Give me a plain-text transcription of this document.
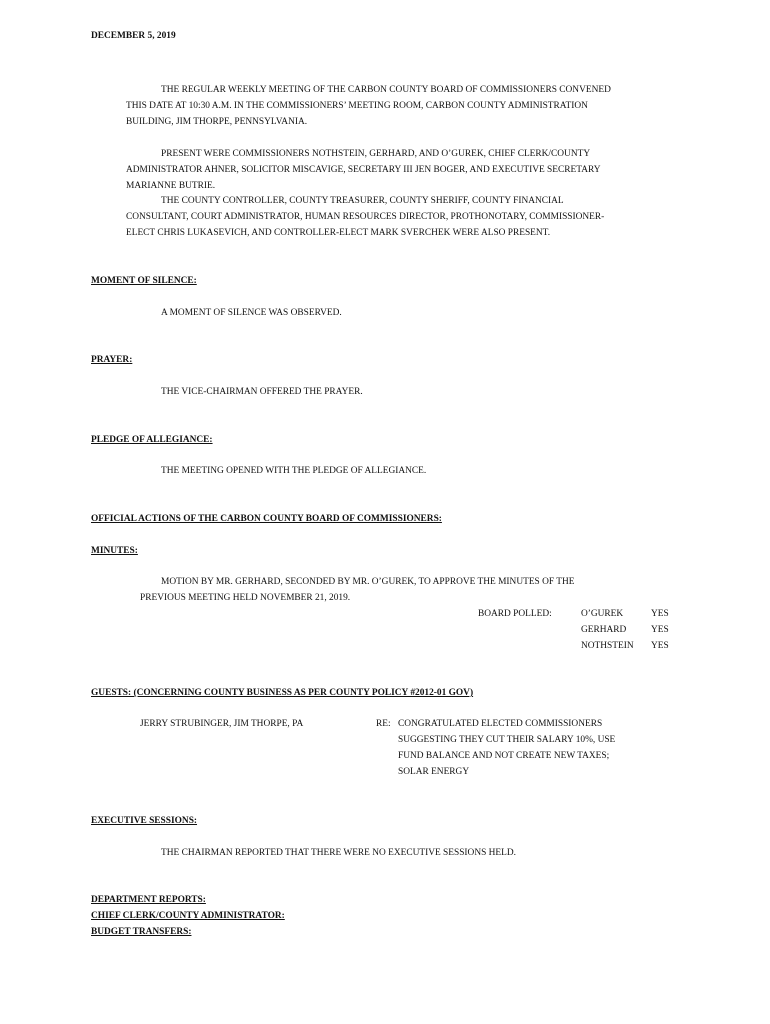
DECEMBER 5, 2019
THE REGULAR WEEKLY MEETING OF THE CARBON COUNTY BOARD OF COMMISSIONERS CONVENED
THIS DATE AT 10:30 A.M. IN THE COMMISSIONERS’ MEETING ROOM, CARBON COUNTY ADMINISTRATION
BUILDING, JIM THORPE, PENNSYLVANIA.
PRESENT WERE COMMISSIONERS NOTHSTEIN, GERHARD, AND O’GUREK, CHIEF CLERK/COUNTY
ADMINISTRATOR AHNER, SOLICITOR MISCAVIGE, SECRETARY III JEN BOGER, AND EXECUTIVE SECRETARY
MARIANNE BUTRIE.
THE COUNTY CONTROLLER, COUNTY TREASURER, COUNTY SHERIFF, COUNTY FINANCIAL
CONSULTANT, COURT ADMINISTRATOR, HUMAN RESOURCES DIRECTOR, PROTHONOTARY, COMMISSIONER-
ELECT CHRIS LUKASEVICH, AND CONTROLLER-ELECT MARK SVERCHEK WERE ALSO PRESENT.
MOMENT OF SILENCE:
A MOMENT OF SILENCE WAS OBSERVED.
PRAYER:
THE VICE-CHAIRMAN OFFERED THE PRAYER.
PLEDGE OF ALLEGIANCE:
THE MEETING OPENED WITH THE PLEDGE OF ALLEGIANCE.
OFFICIAL ACTIONS OF THE CARBON COUNTY BOARD OF COMMISSIONERS:
MINUTES:
MOTION BY MR. GERHARD, SECONDED BY MR. O’GUREK, TO APPROVE THE MINUTES OF THE
PREVIOUS MEETING HELD NOVEMBER 21, 2019.
BOARD POLLED:	O’GUREK	YES
GERHARD	YES
NOTHSTEIN YES
GUESTS: (CONCERNING COUNTY BUSINESS AS PER COUNTY POLICY #2012-01 GOV)
JERRY STRUBINGER, JIM THORPE, PA	RE: CONGRATULATED ELECTED COMMISSIONERS
SUGGESTING THEY CUT THEIR SALARY 10%, USE
FUND BALANCE AND NOT CREATE NEW TAXES;
SOLAR ENERGY
EXECUTIVE SESSIONS:
THE CHAIRMAN REPORTED THAT THERE WERE NO EXECUTIVE SESSIONS HELD.
DEPARTMENT REPORTS:
CHIEF CLERK/COUNTY ADMINISTRATOR:
BUDGET TRANSFERS:
